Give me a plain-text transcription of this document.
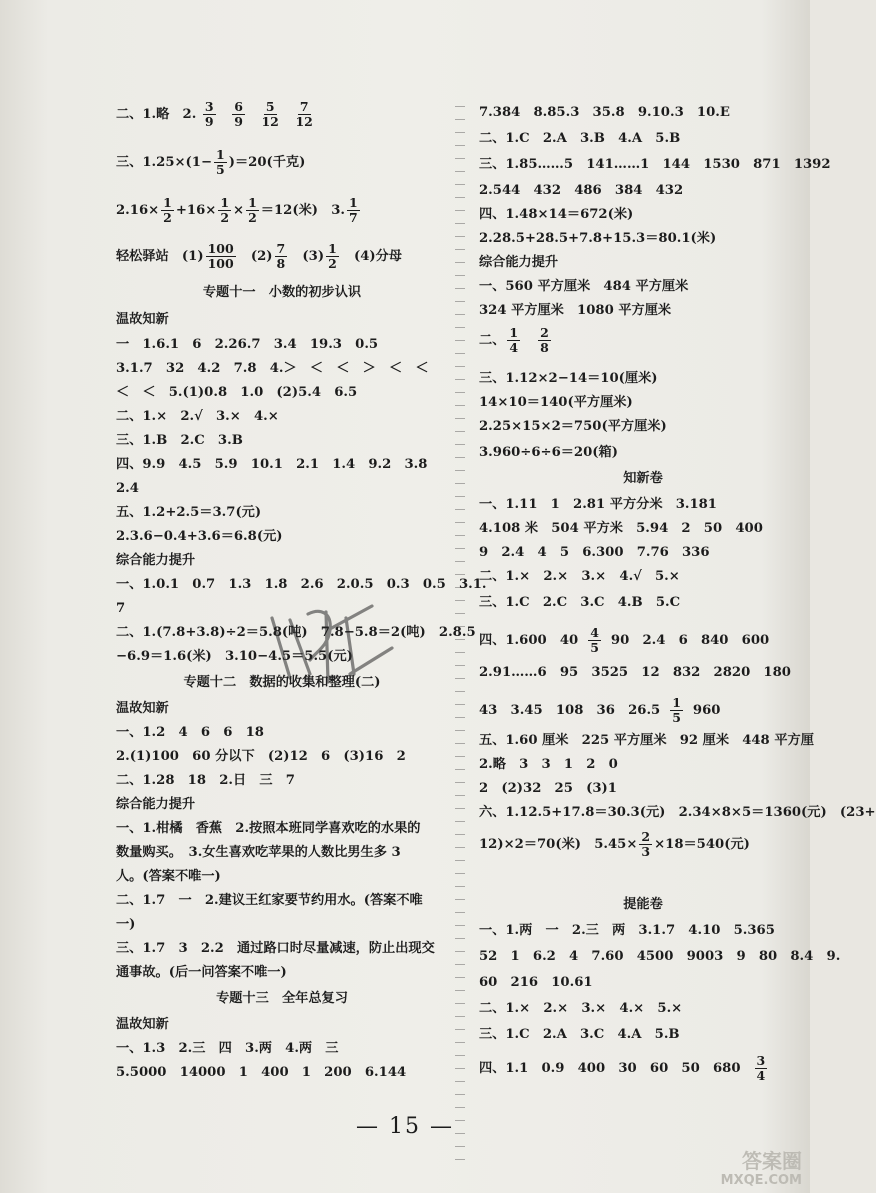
二、1.略　2. $\frac{3}{9}$
$\frac{6}{9}$
$\frac{5}{12}$
$\frac{7}{12}$
三、$1.25\times(1- \frac{1}{5} )=20$(千克)
$2.16\times \frac{1}{2} +16\times \frac{1}{2} \times \frac{1}{2} =12$(米)　3. $\frac{1}{7}$
轻松驿站　$(1) \frac{100}{100}$ 　$(2) \frac{7}{8}$ 　$(3) \frac{1}{2}$ 　(4)分母
专题十一　小数的初步认识
温故知新
一　1.6.1　6　2.26.7　3.4　19.3　0.5
3.1.7　32　4.2　7.8　4.＞　＜　＜　＞　＜　＜
＜　＜　5.(1)0.8　1.0　(2)5.4　6.5
二、1.×　2.√　3.×　4.×
三、1.B　2.C　3.B
四、9.9　4.5　5.9　10.1　2.1　1.4　9.2　3.8
2.4
五、1.2+2.5＝3.7(元)
2.3.6−0.4+3.6＝6.8(元)
综合能力提升
一、1.0.1　0.7　1.3　1.8　2.6　2.0.5　0.3　0.5　3.1.
7
二、1.(7.8+3.8)÷2＝5.8(吨)　7.8−5.8＝2(吨)　2.8.5
−6.9＝1.6(米)　3.10−4.5＝5.5(元)
专题十二　数据的收集和整理(二)
温故知新
一、1.2　4　6　6　18
2.(1)100　60 分以下　(2)12　6　(3)16　2
二、1.28　18　2.日　三　7
综合能力提升
一、1.柑橘　香蕉　2.按照本班同学喜欢吃的水果的
数量购买。　3.女生喜欢吃苹果的人数比男生多 3
人。(答案不唯一)
二、1.7　一　2.建议王红家要节约用水。(答案不唯
一)
三、1.7　3　2.2　通过路口时尽量减速，防止出现交
通事故。(后一问答案不唯一)
专题十三　全年总复习
温故知新
一、1.3　2.三　四　3.两　4.两　三
5.5000　14000　1　400　1　200　6.144
7.384　8.85.3　35.8　9.10.3　10.E
二、1.C　2.A　3.B　4.A　5.B
三、1.85……5　141……1　144　1530　871　1392
2.544　432　486　384　432
四、1.48×14＝672(米)
2.28.5+28.5+7.8+15.3＝80.1(米)
综合能力提升
一、560 平方厘米　484 平方厘米
324 平方厘米　1080 平方厘米
二、 $\frac{1}{4} \frac{2}{8}$
三、1.12×2−14＝10(厘米)
14×10＝140(平方厘米)
2.25×15×2＝750(平方厘米)
3.960÷6÷6＝20(箱)
知新卷
一、1.11　1　2.81 平方分米　3.181
4.108 米　504 平方米　5.94　2　50　400
9　2.4　4　5　6.300　7.76　336
二、1.×　2.×　3.×　4.√　5.×
三、1.C　2.C　3.C　4.B　5.C
四、1.600　$40 \frac{4}{5} 90$　2.4　6　840　600
2.91……6　95　3525　12　832　2820　180
43　3.45　108　36　$26.5 \frac{1}{5} 960$
五、1.60 厘米　225 平方厘米　92 厘米　448 平方厘
2.略　3　3　1　2　0
2　(2)32　25　(3)1
六、1.12.5+17.8＝30.3(元)　2.34×8×5＝1360(元)　(23+
12)×2＝70(米)　$5.45\times \frac{2}{3} \times 18=540$(元)
提能卷
一、1.两　一　2.三　两　3.1.7　4.10　5.365
52　1　6.2　4　7.60　4500　9003　9　80　8.4　9.
60　216　10.61
二、1.×　2.×　3.×　4.×　5.×
三、1.C　2.A　3.C　4.A　5.B
四、1.1　0.9　400　30　60　50　$680 \frac{3}{4}$
— 15 —
答案圈
MXQE.COM
